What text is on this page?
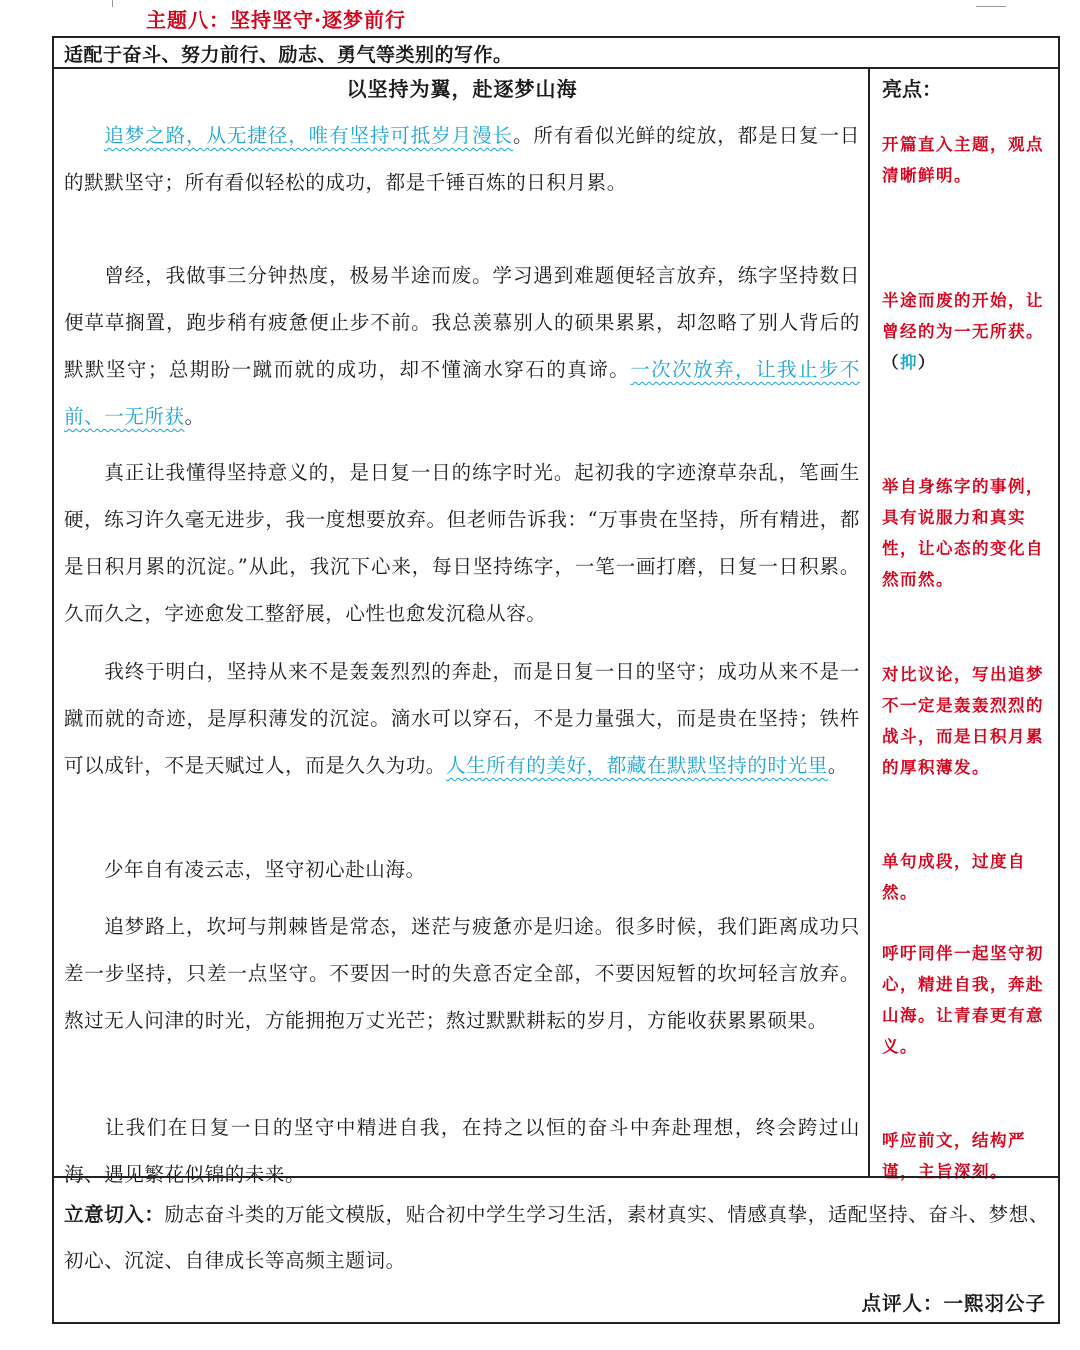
主题八：坚持坚守·逐梦前行
适配于奋斗、努力前行、励志、勇气等类别的写作。
以坚持为翼，赴逐梦山海

追梦之路，从无捷径，唯有坚持可抵岁月漫长。所有看似光鲜的绽放，都是日复一日的默默坚守；所有看似轻松的成功，都是千锤百炼的日积月累。

曾经，我做事三分钟热度，极易半途而废。学习遇到难题便轻言放弃，练字坚持数日便草草搁置，跑步稍有疲惫便止步不前。我总羡慕别人的硕果累累，却忽略了别人背后的默默坚守；总期盼一蹴而就的成功，却不懂滴水穿石的真谛。一次次放弃，让我止步不前、一无所获。

真正让我懂得坚持意义的，是日复一日的练字时光。起初我的字迹潦草杂乱，笔画生硬，练习许久毫无进步，我一度想要放弃。但老师告诉我：“万事贵在坚持，所有精进，都是日积月累的沉淀。”从此，我沉下心来，每日坚持练字，一笔一画打磨，日复一日积累。久而久之，字迹愈发工整舒展，心性也愈发沉稳从容。

我终于明白，坚持从来不是轰轰烈烈的奔赴，而是日复一日的坚守；成功从来不是一蹴而就的奇迹，是厚积薄发的沉淀。滴水可以穿石，不是力量强大，而是贵在坚持；铁杵可以成针，不是天赋过人，而是久久为功。人生所有的美好，都藏在默默坚持的时光里。

少年自有凌云志，坚守初心赴山海。

追梦路上，坎坷与荆棘皆是常态，迷茫与疲惫亦是归途。很多时候，我们距离成功只差一步坚持，只差一点坚守。不要因一时的失意否定全部，不要因短暂的坎坷轻言放弃。熬过无人问津的时光，方能拥抱万丈光芒；熬过默默耕耘的岁月，方能收获累累硕果。

让我们在日复一日的坚守中精进自我，在持之以恒的奋斗中奔赴理想，终会跨过山海、遇见繁花似锦的未来。

亮点：

开篇直入主题，观点清晰鲜明。

半途而废的开始，让曾经的为一无所获。

（抑）

举自身练字的事例，具有说服力和真实性，让心态的变化自然而然。

对比议论，写出追梦不一定是轰轰烈烈的战斗，而是日积月累的厚积薄发。

单句成段，过度自然。

呼吁同伴一起坚守初心，精进自我，奔赴山海。让青春更有意义。

呼应前文，结构严谨，主旨深刻。

立意切入：励志奋斗类的万能文模版，贴合初中学生学习生活，素材真实、情感真挚，适配坚持、奋斗、梦想、初心、沉淀、自律成长等高频主题词。

点评人：一熙羽公子
